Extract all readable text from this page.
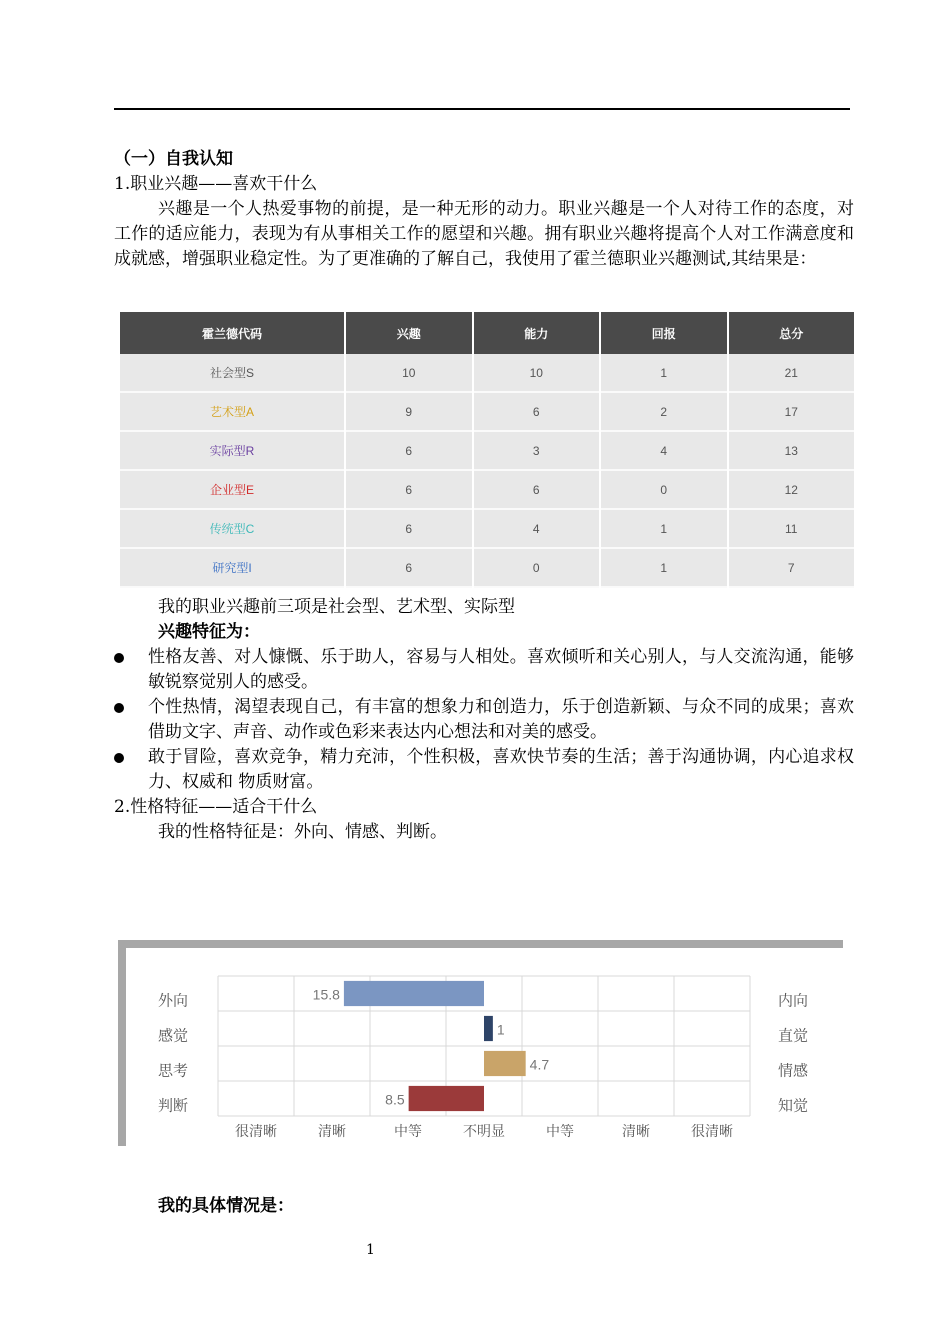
（一）自我认知
1.职业兴趣——喜欢干什么
兴趣是一个人热爱事物的前提，是一种无形的动力。职业兴趣是一个人对待工作的态度，对工作的适应能力，表现为有从事相关工作的愿望和兴趣。拥有职业兴趣将提高个人对工作满意度和成就感，增强职业稳定性。为了更准确的了解自己，我使用了霍兰德职业兴趣测试,其结果是：
霍兰德代码	兴趣	能力	回报	总分
社会型S	10	10	1	21
艺术型A	9	6	2	17
实际型R	6	3	4	13
企业型E	6	6	0	12
传统型C	6	4	1	11
研究型I	6	0	1	7
我的职业兴趣前三项是社会型、艺术型、实际型
兴趣特征为：
性格友善、对人慷慨、乐于助人，容易与人相处。喜欢倾听和关心别人，与人交流沟通，能够敏锐察觉别人的感受。
个性热情，渴望表现自己，有丰富的想象力和创造力，乐于创造新颖、与众不同的成果；喜欢借助文字、声音、动作或色彩来表达内心想法和对美的感受。
敢于冒险，喜欢竞争，精力充沛，个性积极，喜欢快节奏的生活；善于沟通协调，内心追求权力、权威和 物质财富。
2.性格特征——适合干什么
我的性格特征是：外向、情感、判断。
外向	内向
15.8
感觉	直觉
1
思考	情感
4.7
判断	知觉
8.5
很清晰	清晰	中等	不明显	中等	清晰	很清晰
我的具体情况是：
1
